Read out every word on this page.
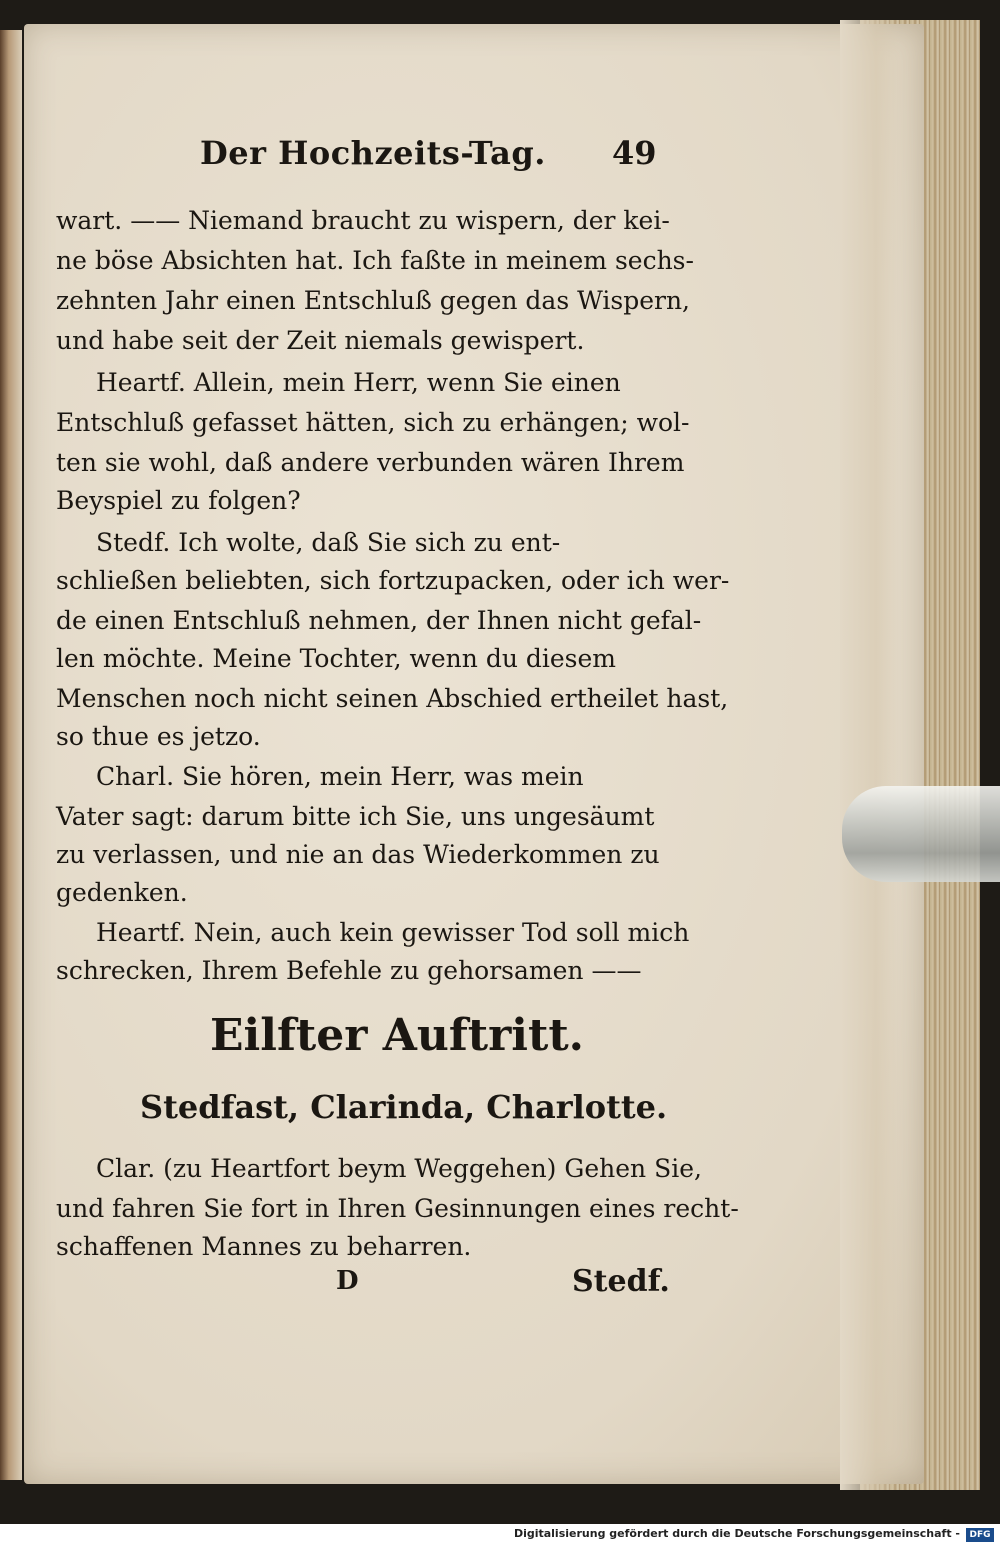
Der Hochzeits-Tag. 49
wart. —— Niemand braucht zu wispern, der kei-
ne böse Absichten hat. Ich faßte in meinem sechs-
zehnten Jahr einen Entschluß gegen das Wispern,
und habe seit der Zeit niemals gewispert.
Heartf. Allein, mein Herr, wenn Sie einen
Entschluß gefasset hätten, sich zu erhängen; wol-
ten sie wohl, daß andere verbunden wären Ihrem
Beyspiel zu folgen?
Stedf. Ich wolte, daß Sie sich zu ent-
schließen beliebten, sich fortzupacken, oder ich wer-
de einen Entschluß nehmen, der Ihnen nicht gefal-
len möchte. Meine Tochter, wenn du diesem
Menschen noch nicht seinen Abschied ertheilet hast,
so thue es jetzo.
Charl. Sie hören, mein Herr, was mein
Vater sagt: darum bitte ich Sie, uns ungesäumt
zu verlassen, und nie an das Wiederkommen zu
gedenken.
Heartf. Nein, auch kein gewisser Tod soll mich
schrecken, Ihrem Befehle zu gehorsamen ——
Eilfter Auftritt.
Stedfast, Clarinda, Charlotte.
Clar. (zu Heartfort beym Weggehen) Gehen Sie,
und fahren Sie fort in Ihren Gesinnungen eines recht-
schaffenen Mannes zu beharren.
D	Stedf.
Digitalisierung gefördert durch die Deutsche Forschungsgemeinschaft -	DFG
